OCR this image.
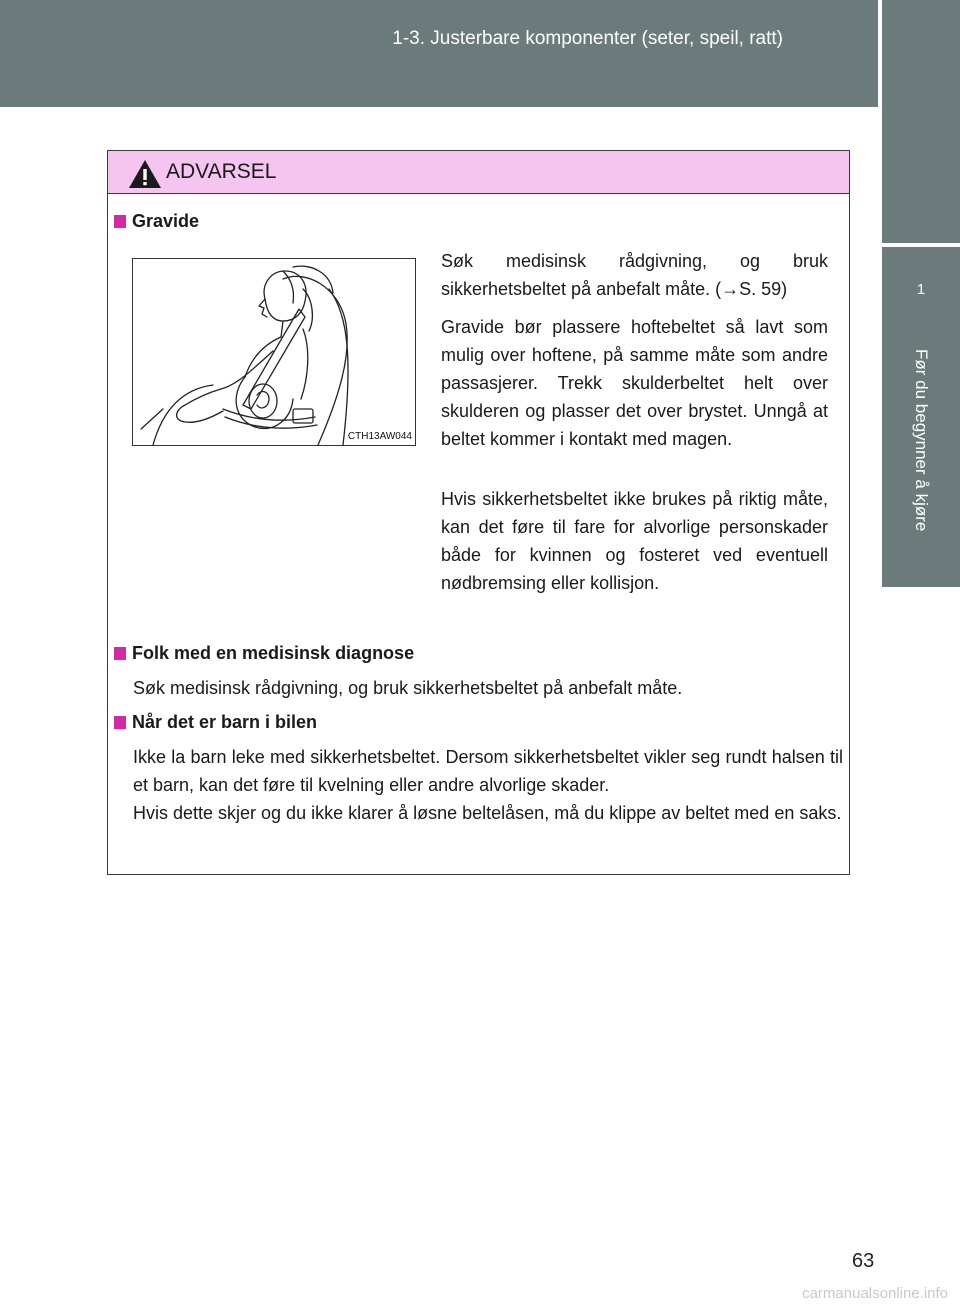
1-3. Justerbare komponenter (seter, speil, ratt)
1
Før du begynner å kjøre
ADVARSEL
Gravide
CTH13AW044

Søk medisinsk rådgivning, og bruk sikkerhetsbeltet på anbefalt måte. (→S. 59)

Gravide bør plassere hoftebeltet så lavt som mulig over hoftene, på samme måte som andre passasjerer. Trekk skulderbeltet helt over skulderen og plasser det over brystet. Unngå at beltet kommer i kontakt med magen.

Hvis sikkerhetsbeltet ikke brukes på riktig måte, kan det føre til fare for alvorlige personskader både for kvinnen og fosteret ved eventuell nødbremsing eller kollisjon.

Folk med en medisinsk diagnose

Søk medisinsk rådgivning, og bruk sikkerhetsbeltet på anbefalt måte.

Når det er barn i bilen

Ikke la barn leke med sikkerhetsbeltet. Dersom sikkerhetsbeltet vikler seg rundt halsen til et barn, kan det føre til kvelning eller andre alvorlige skader.

Hvis dette skjer og du ikke klarer å løsne beltelåsen, må du klippe av beltet med en saks.

63
carmanualsonline.info
